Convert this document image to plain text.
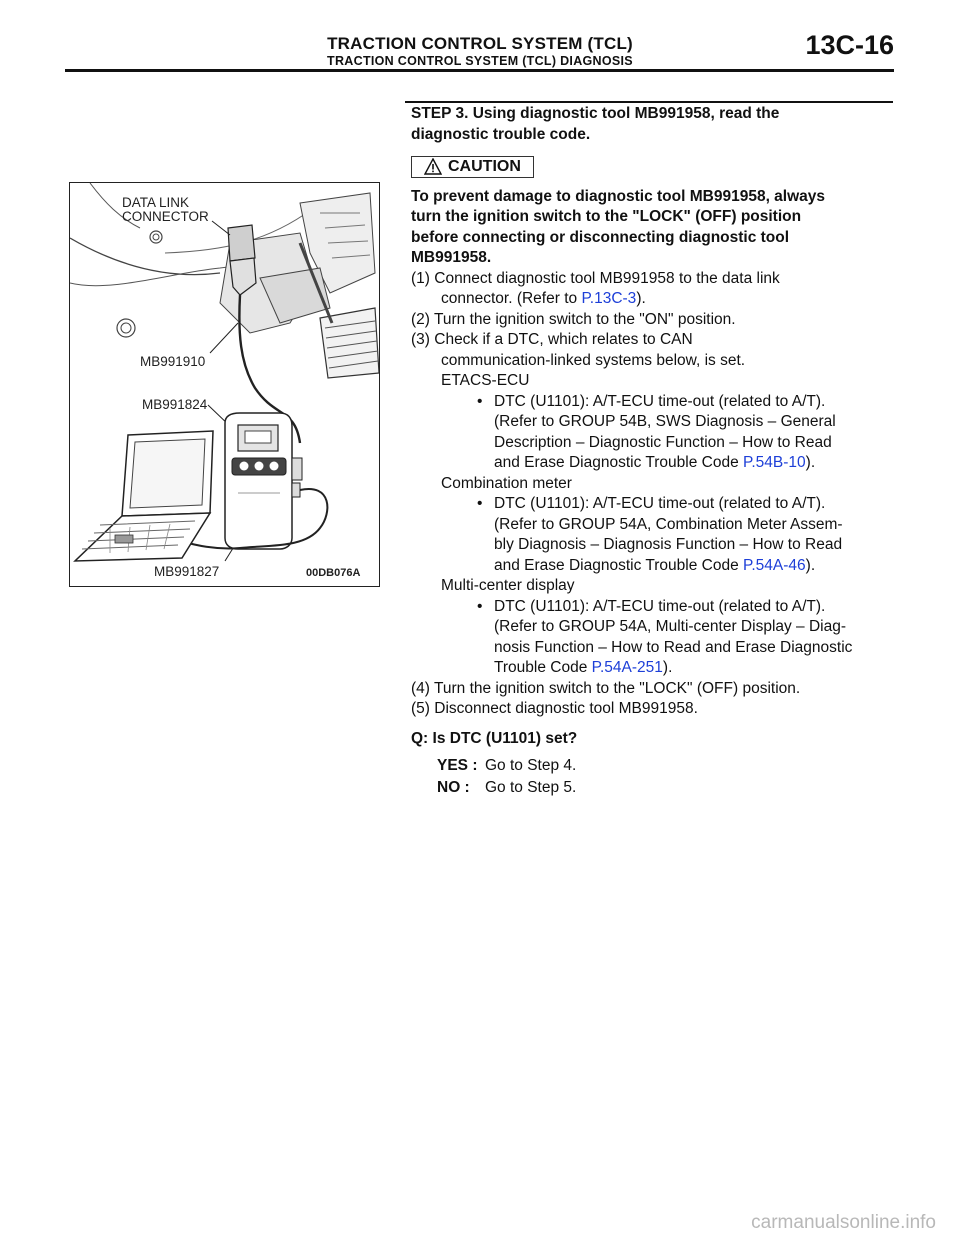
TRACTION CONTROL SYSTEM (TCL)
TRACTION CONTROL SYSTEM (TCL) DIAGNOSIS
13C-16
DATA LINK
CONNECTOR
MB991910
MB991824
MB991827	00DB076A
STEP 3. Using diagnostic tool MB991958, read the
diagnostic trouble code.
CAUTION
To prevent damage to diagnostic tool MB991958, always
turn the ignition switch to the "LOCK" (OFF) position
before connecting or disconnecting diagnostic tool
MB991958.
(1) Connect diagnostic tool MB991958 to the data link
connector. (Refer to P.13C-3).
(2) Turn the ignition switch to the "ON" position.
(3) Check if a DTC, which relates to CAN
communication-linked systems below, is set.
ETACS-ECU
• DTC (U1101): A/T-ECU time-out (related to A/T).
(Refer to GROUP 54B, SWS Diagnosis – General
Description – Diagnostic Function – How to Read
and Erase Diagnostic Trouble Code P.54B-10).
Combination meter
• DTC (U1101): A/T-ECU time-out (related to A/T).
(Refer to GROUP 54A, Combination Meter Assem-
bly Diagnosis – Diagnosis Function – How to Read
and Erase Diagnostic Trouble Code P.54A-46).
Multi-center display
• DTC (U1101): A/T-ECU time-out (related to A/T).
(Refer to GROUP 54A, Multi-center Display – Diag-
nosis Function – How to Read and Erase Diagnostic
Trouble Code P.54A-251).
(4) Turn the ignition switch to the "LOCK" (OFF) position.
(5) Disconnect diagnostic tool MB991958.
Q: Is DTC (U1101) set?
YES : Go to Step 4.
NO : Go to Step 5.
carmanualsonline.info
